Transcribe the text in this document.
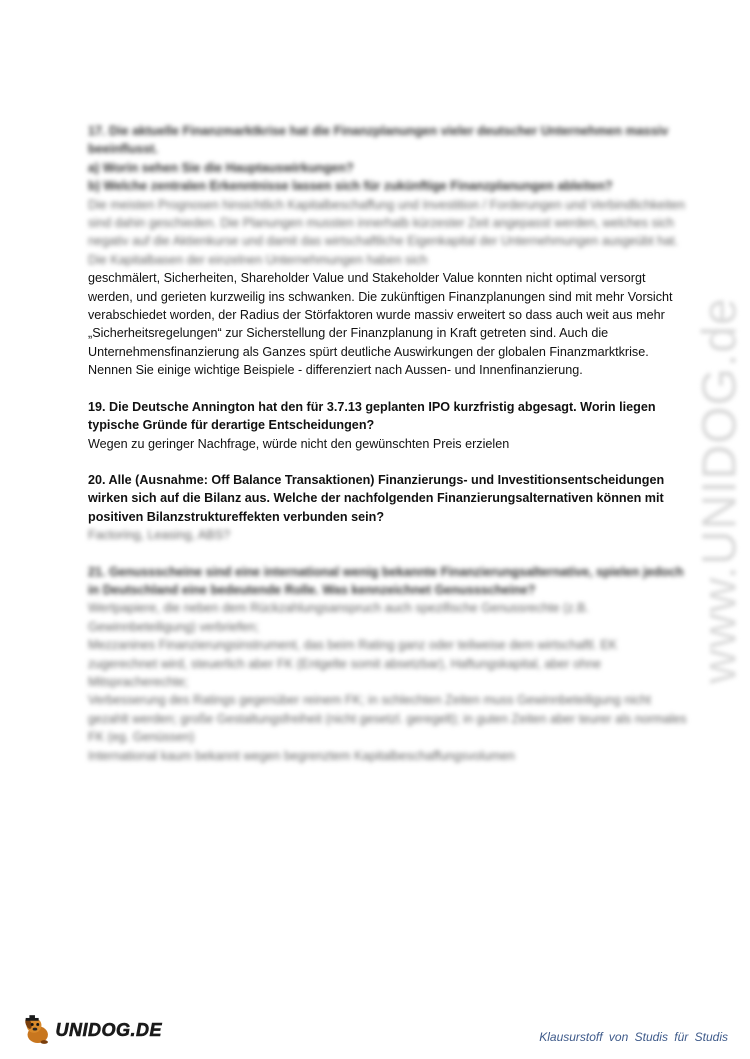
17. Die aktuelle Finanzmarktkrise hat die Finanzplanungen vieler deutscher Unternehmen massiv beeinflusst.

a) Worin sehen Sie die Hauptauswirkungen?

b) Welche zentralen Erkenntnisse lassen sich für zukünftige Finanzplanungen ableiten?

Die meisten Prognosen hinsichtlich Kapitalbeschaffung und Investition / Forderungen und Verbindlichkeiten sind dahin geschieden. Die Planungen mussten innerhalb kürzester Zeit angepasst werden, welches sich negativ auf die Aktienkurse und damit das wirtschaftliche Eigenkapital der Unternehmungen ausgeübt hat. Die Kapitalbasen der einzelnen Unternehmungen haben sich

geschmälert, Sicherheiten, Shareholder Value und Stakeholder Value konnten nicht optimal versorgt werden, und gerieten kurzweilig ins schwanken. Die zukünftigen Finanzplanungen sind mit mehr Vorsicht verabschiedet worden, der Radius der Störfaktoren wurde massiv erweitert so dass auch weit aus mehr „Sicherheitsregelungen“ zur Sicherstellung der Finanzplanung in Kraft getreten sind. Auch die Unternehmensfinanzierung als Ganzes spürt deutliche Auswirkungen der globalen Finanzmarktkrise. Nennen Sie einige wichtige Beispiele - differenziert nach Aussen- und Innenfinanzierung.

19. Die Deutsche Annington hat den für 3.7.13 geplanten IPO kurzfristig abgesagt. Worin liegen typische Gründe für derartige Entscheidungen?

Wegen zu geringer Nachfrage, würde nicht den gewünschten Preis erzielen

20. Alle (Ausnahme: Off Balance Transaktionen) Finanzierungs- und Investitionsentscheidungen wirken sich auf die Bilanz aus. Welche der nachfolgenden Finanzierungsalternativen können mit positiven Bilanzstruktureffekten verbunden sein?

Factoring, Leasing, ABS?

21. Genussscheine sind eine international wenig bekannte Finanzierungsalternative, spielen jedoch in Deutschland eine bedeutende Rolle. Was kennzeichnet Genussscheine?

Wertpapiere, die neben dem Rückzahlungsanspruch auch spezifische Genussrechte (z.B. Gewinnbeteiligung) verbriefen;

Mezzanines Finanzierungsinstrument, das beim Rating ganz oder teilweise dem wirtschaftl. EK zugerechnet wird, steuerlich aber FK (Entgelte somit absetzbar), Haftungskapital, aber ohne Mitspracherechte;

Verbesserung des Ratings gegenüber reinem FK; in schlechten Zeiten muss Gewinnbeteiligung nicht gezahlt werden; große Gestaltungsfreiheit (nicht gesetzl. geregelt); in guten Zeiten aber teurer als normales FK (eg. Genüssen)

International kaum bekannt wegen begrenztem Kapitalbeschaffungsvolumen

www.UNIDOG.de
UNIDOG.DE	Klausurstoff von Studis für Studis
